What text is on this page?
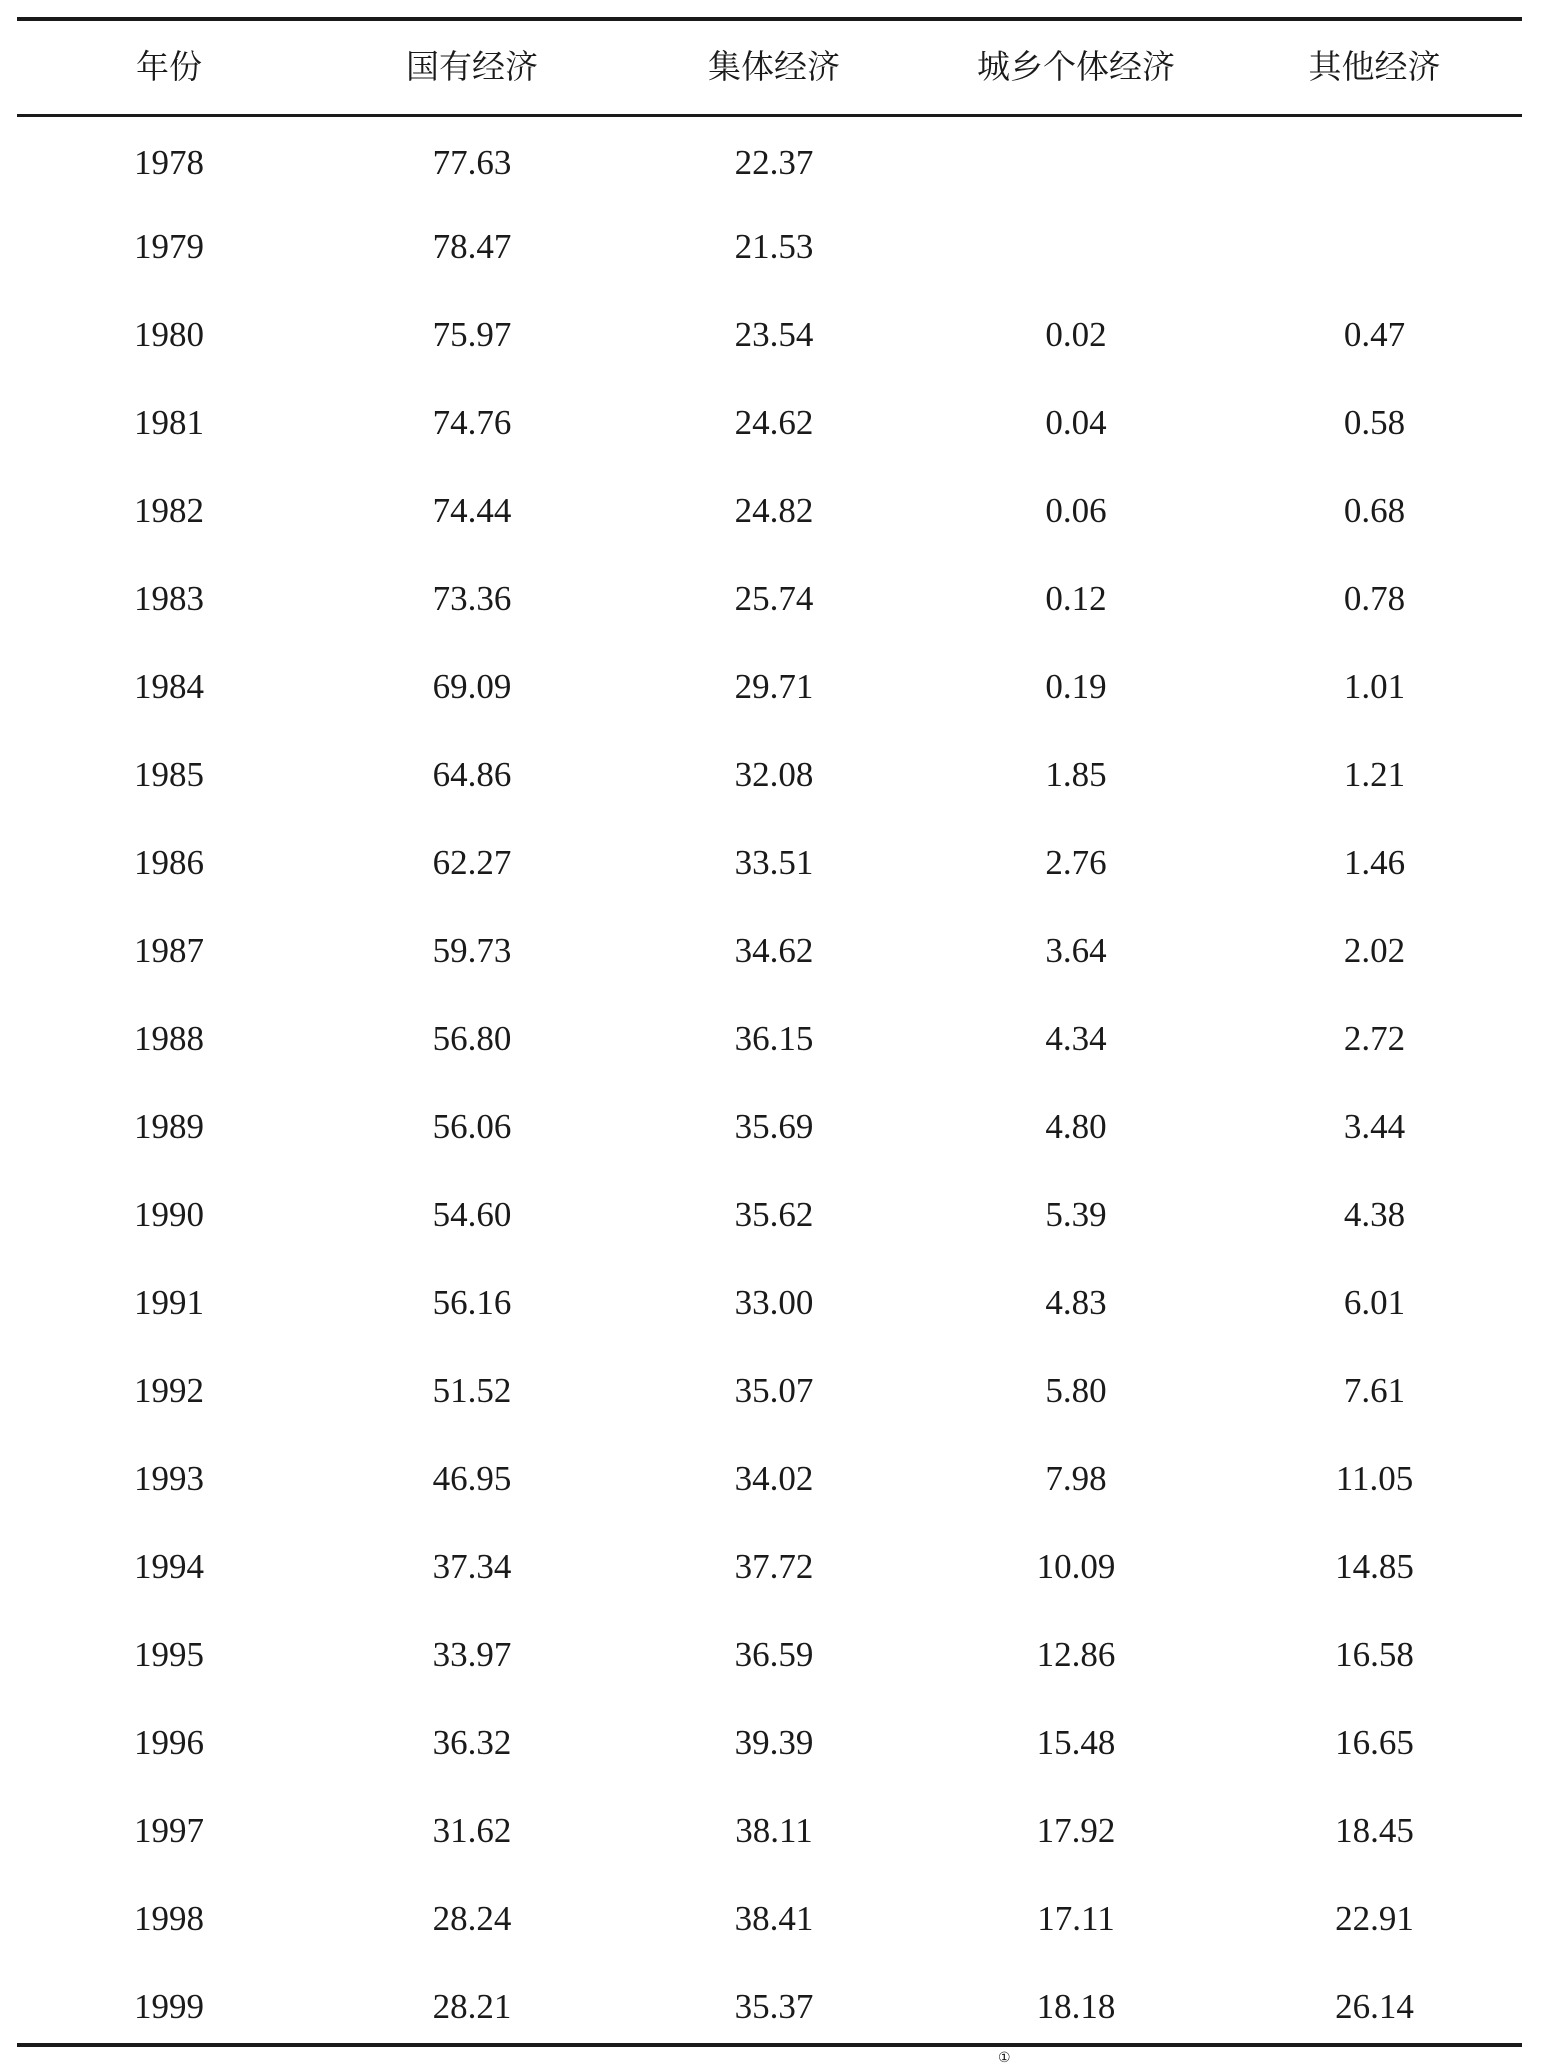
年份	国有经济	集体经济	城乡个体经济	其他经济
1978	77.63	22.37		
1979	78.47	21.53		
1980	75.97	23.54	0.02	0.47
1981	74.76	24.62	0.04	0.58
1982	74.44	24.82	0.06	0.68
1983	73.36	25.74	0.12	0.78
1984	69.09	29.71	0.19	1.01
1985	64.86	32.08	1.85	1.21
1986	62.27	33.51	2.76	1.46
1987	59.73	34.62	3.64	2.02
1988	56.80	36.15	4.34	2.72
1989	56.06	35.69	4.80	3.44
1990	54.60	35.62	5.39	4.38
1991	56.16	33.00	4.83	6.01
1992	51.52	35.07	5.80	7.61
1993	46.95	34.02	7.98	11.05
1994	37.34	37.72	10.09	14.85
1995	33.97	36.59	12.86	16.58
1996	36.32	39.39	15.48	16.65
1997	31.62	38.11	17.92	18.45
1998	28.24	38.41	17.11	22.91
1999	28.21	35.37	18.18	26.14
①
